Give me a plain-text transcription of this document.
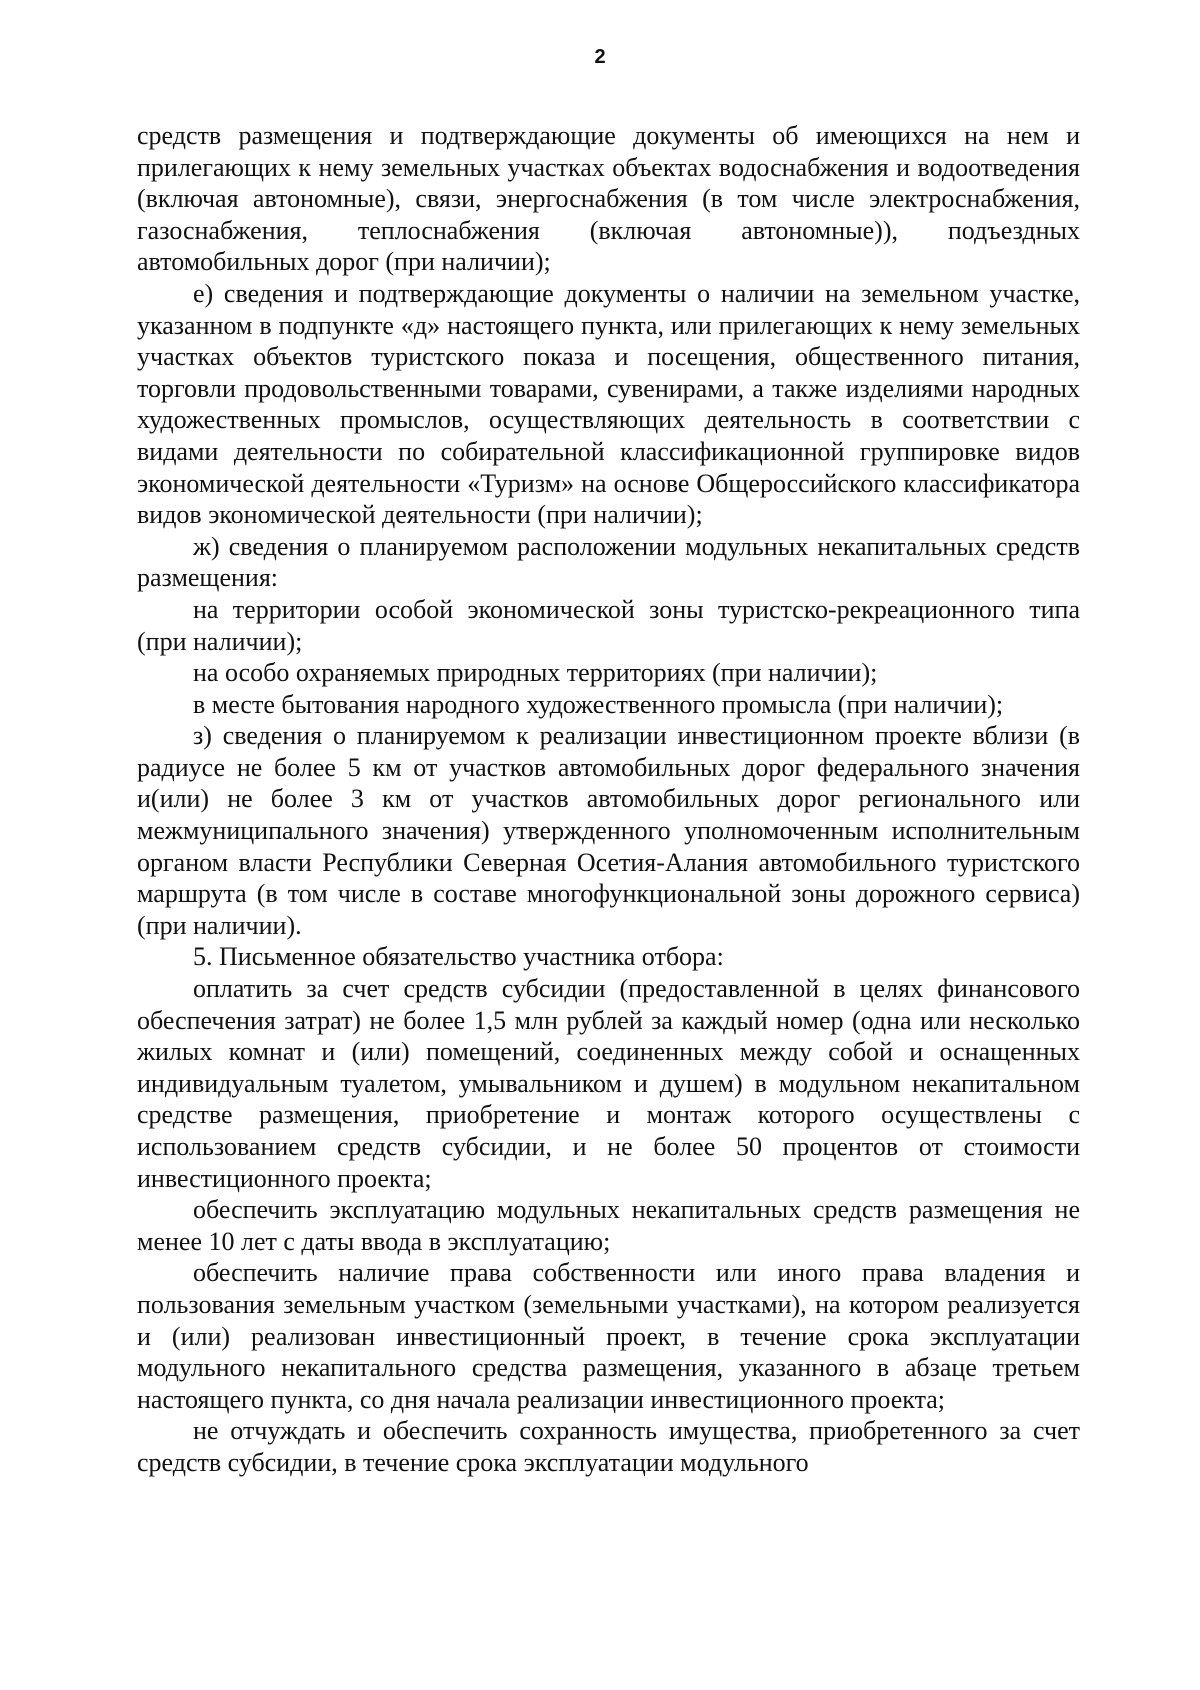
2

средств размещения и подтверждающие документы об имеющихся на нем и прилегающих к нему земельных участках объектах водоснабжения и водоотведения (включая автономные), связи, энергоснабжения (в том числе электроснабжения, газоснабжения, теплоснабжения (включая автономные)), подъездных автомобильных дорог (при наличии);

е) сведения и подтверждающие документы о наличии на земельном участке, указанном в подпункте «д» настоящего пункта, или прилегающих к нему земельных участках объектов туристского показа и посещения, общественного питания, торговли продовольственными товарами, сувенирами, а также изделиями народных художественных промыслов, осуществляющих деятельность в соответствии с видами деятельности по собирательной классификационной группировке видов экономической деятельности «Туризм» на основе Общероссийского классификатора видов экономической деятельности (при наличии);

ж) сведения о планируемом расположении модульных некапитальных средств размещения:

на территории особой экономической зоны туристско-рекреационного типа (при наличии);

на особо охраняемых природных территориях (при наличии);

в месте бытования народного художественного промысла (при наличии);

з) сведения о планируемом к реализации инвестиционном проекте вблизи (в радиусе не более 5 км от участков автомобильных дорог федерального значения и(или) не более 3 км от участков автомобильных дорог регионального или межмуниципального значения) утвержденного уполномоченным исполнительным органом власти Республики Северная Осетия-Алания автомобильного туристского маршрута (в том числе в составе многофункциональной зоны дорожного сервиса) (при наличии).

5. Письменное обязательство участника отбора:

оплатить за счет средств субсидии (предоставленной в целях финансового обеспечения затрат) не более 1,5 млн рублей за каждый номер (одна или несколько жилых комнат и (или) помещений, соединенных между собой и оснащенных индивидуальным туалетом, умывальником и душем) в модульном некапитальном средстве размещения, приобретение и монтаж которого осуществлены с использованием средств субсидии, и не более 50 процентов от стоимости инвестиционного проекта;

обеспечить эксплуатацию модульных некапитальных средств размещения не менее 10 лет с даты ввода в эксплуатацию;

обеспечить наличие права собственности или иного права владения и пользования земельным участком (земельными участками), на котором реализуется и (или) реализован инвестиционный проект, в течение срока эксплуатации модульного некапитального средства размещения, указанного в абзаце третьем настоящего пункта, со дня начала реализации инвестиционного проекта;

не отчуждать и обеспечить сохранность имущества, приобретенного за счет средств субсидии, в течение срока эксплуатации модульного
